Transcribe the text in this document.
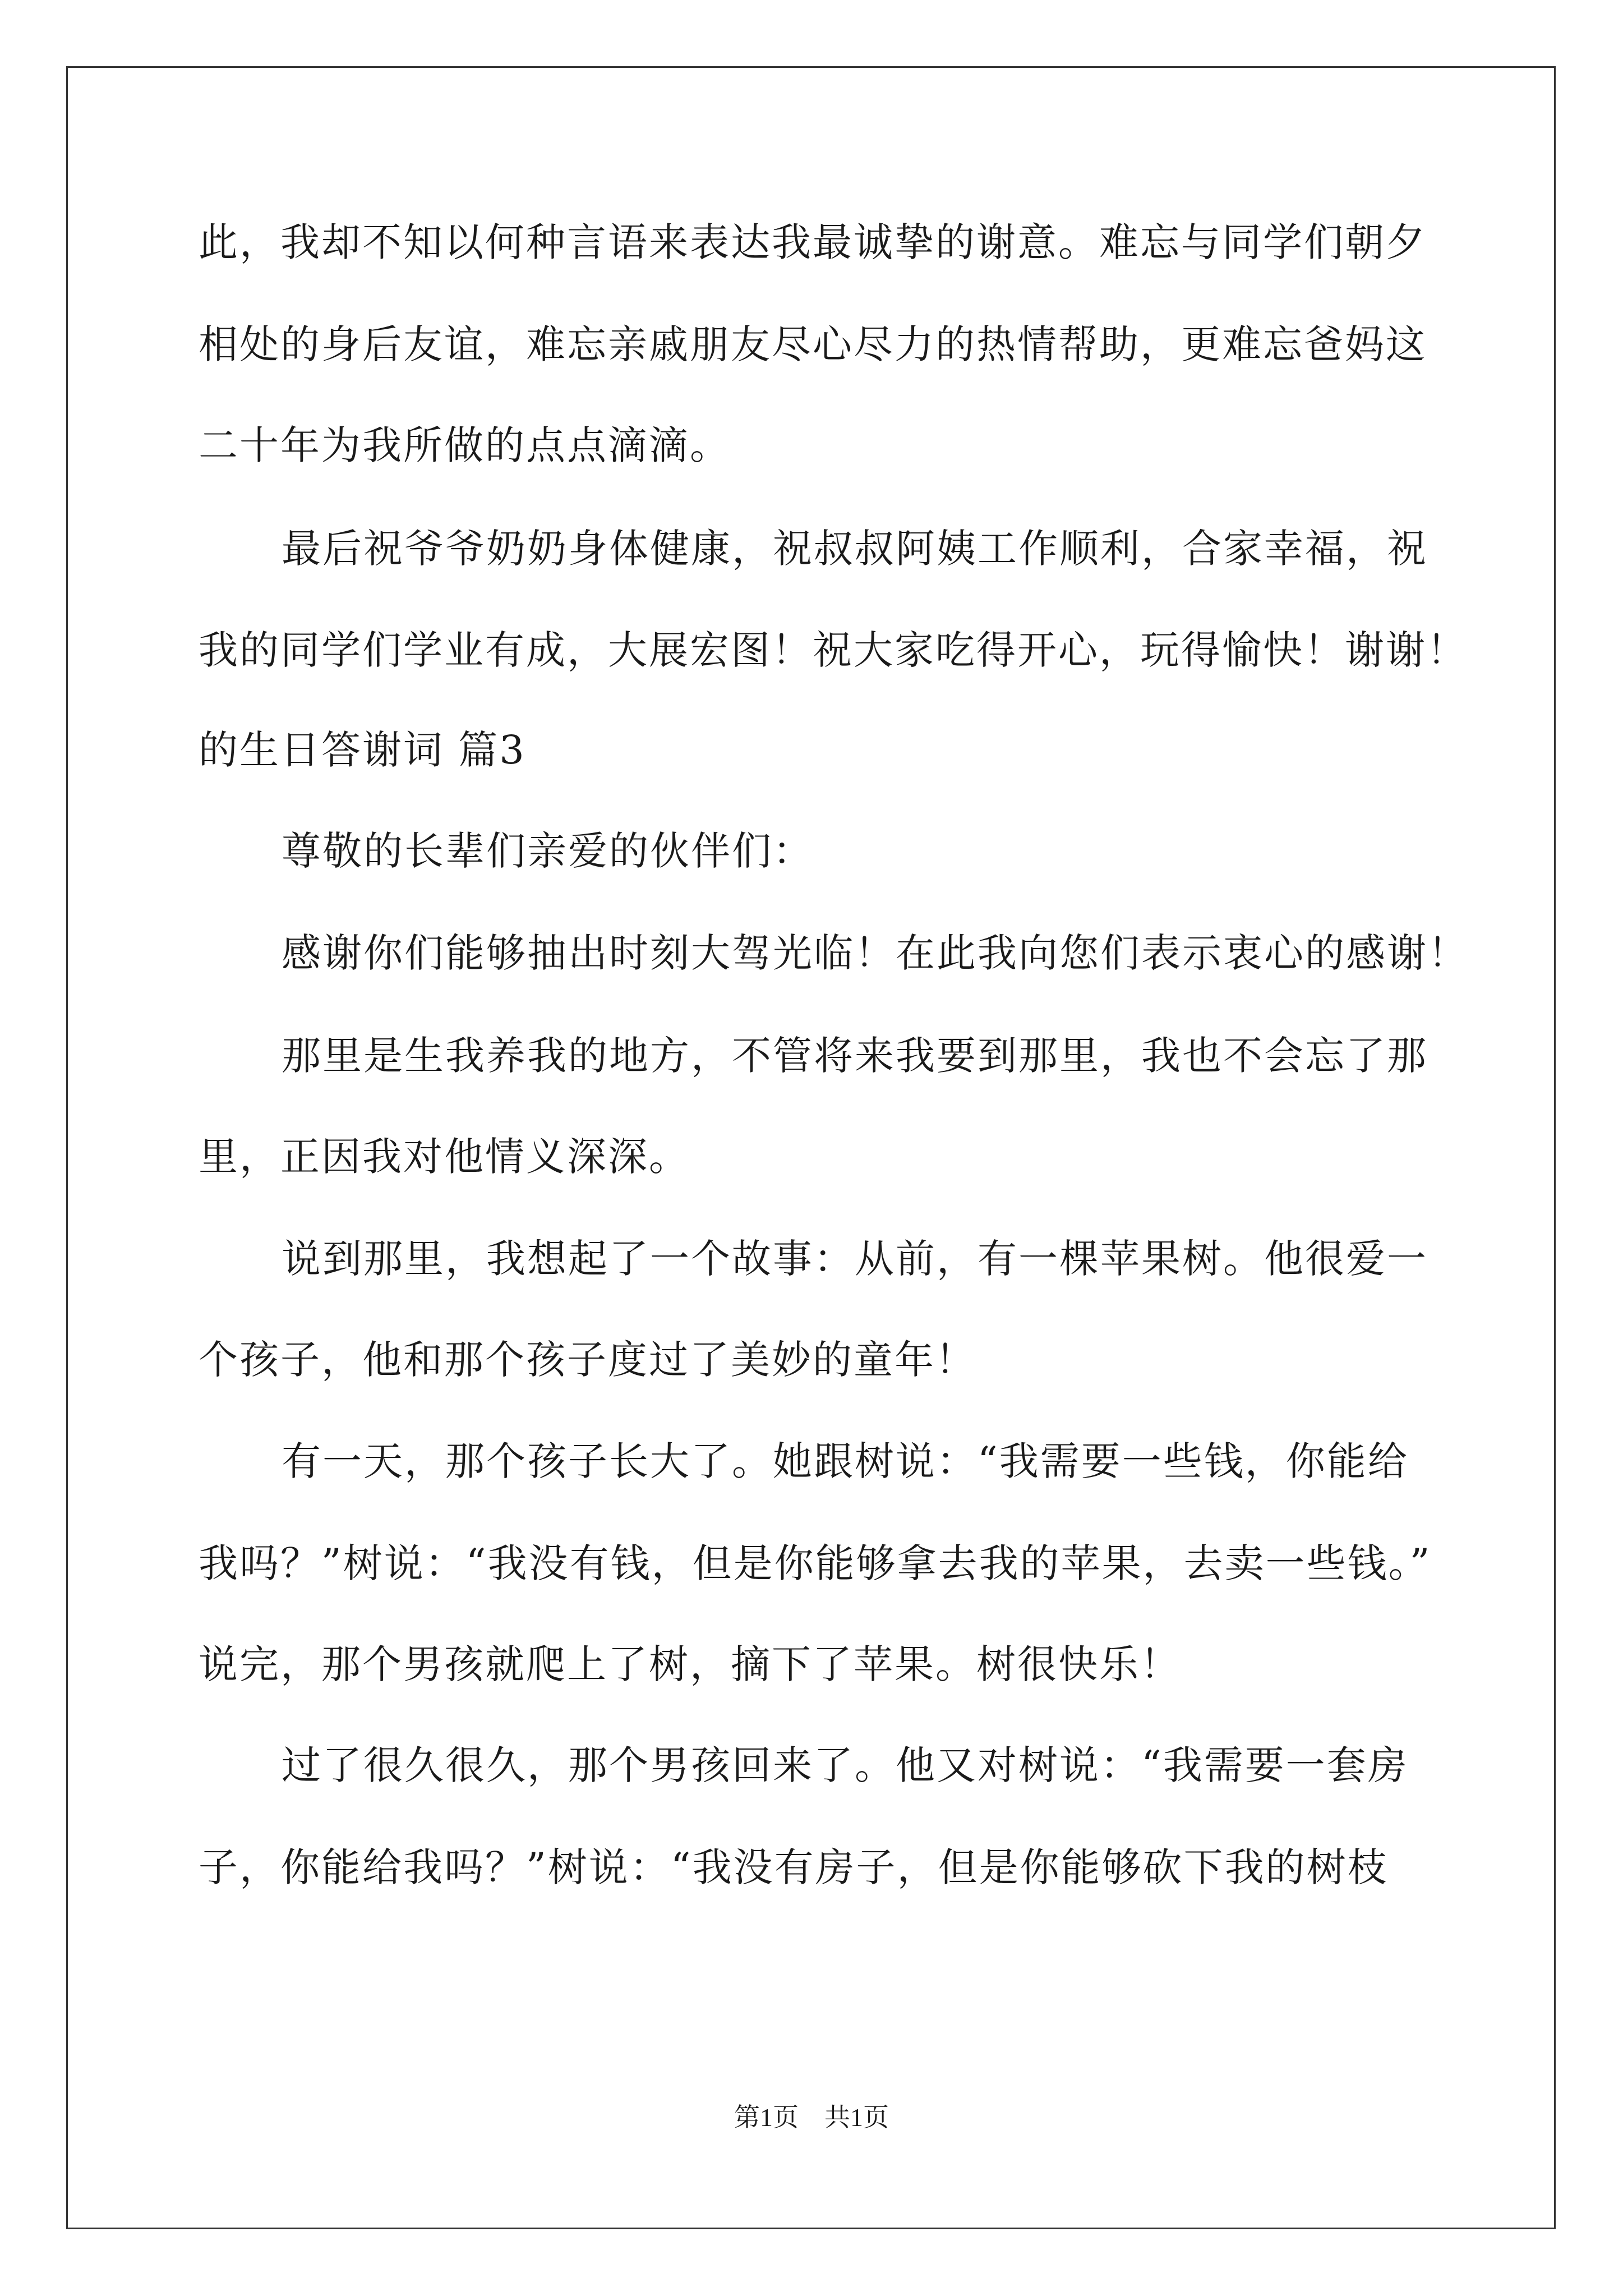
此，我却不知以何种言语来表达我最诚挚的谢意。难忘与同学们朝夕
相处的身后友谊，难忘亲戚朋友尽心尽力的热情帮助，更难忘爸妈这
二十年为我所做的点点滴滴。
最后祝爷爷奶奶身体健康，祝叔叔阿姨工作顺利，合家幸福，祝
我的同学们学业有成，大展宏图！祝大家吃得开心，玩得愉快！谢谢！
的生日答谢词 篇3
尊敬的长辈们亲爱的伙伴们：
感谢你们能够抽出时刻大驾光临！在此我向您们表示衷心的感谢！
那里是生我养我的地方，不管将来我要到那里，我也不会忘了那
里，正因我对他情义深深。
说到那里，我想起了一个故事：从前，有一棵苹果树。他很爱一
个孩子，他和那个孩子度过了美妙的童年！
有一天，那个孩子长大了。她跟树说：“我需要一些钱，你能给
我吗？”树说：“我没有钱，但是你能够拿去我的苹果，去卖一些钱。”
说完，那个男孩就爬上了树，摘下了苹果。树很快乐！
过了很久很久，那个男孩回来了。他又对树说：“我需要一套房
子，你能给我吗？”树说：“我没有房子，但是你能够砍下我的树枝
第1页　共1页
